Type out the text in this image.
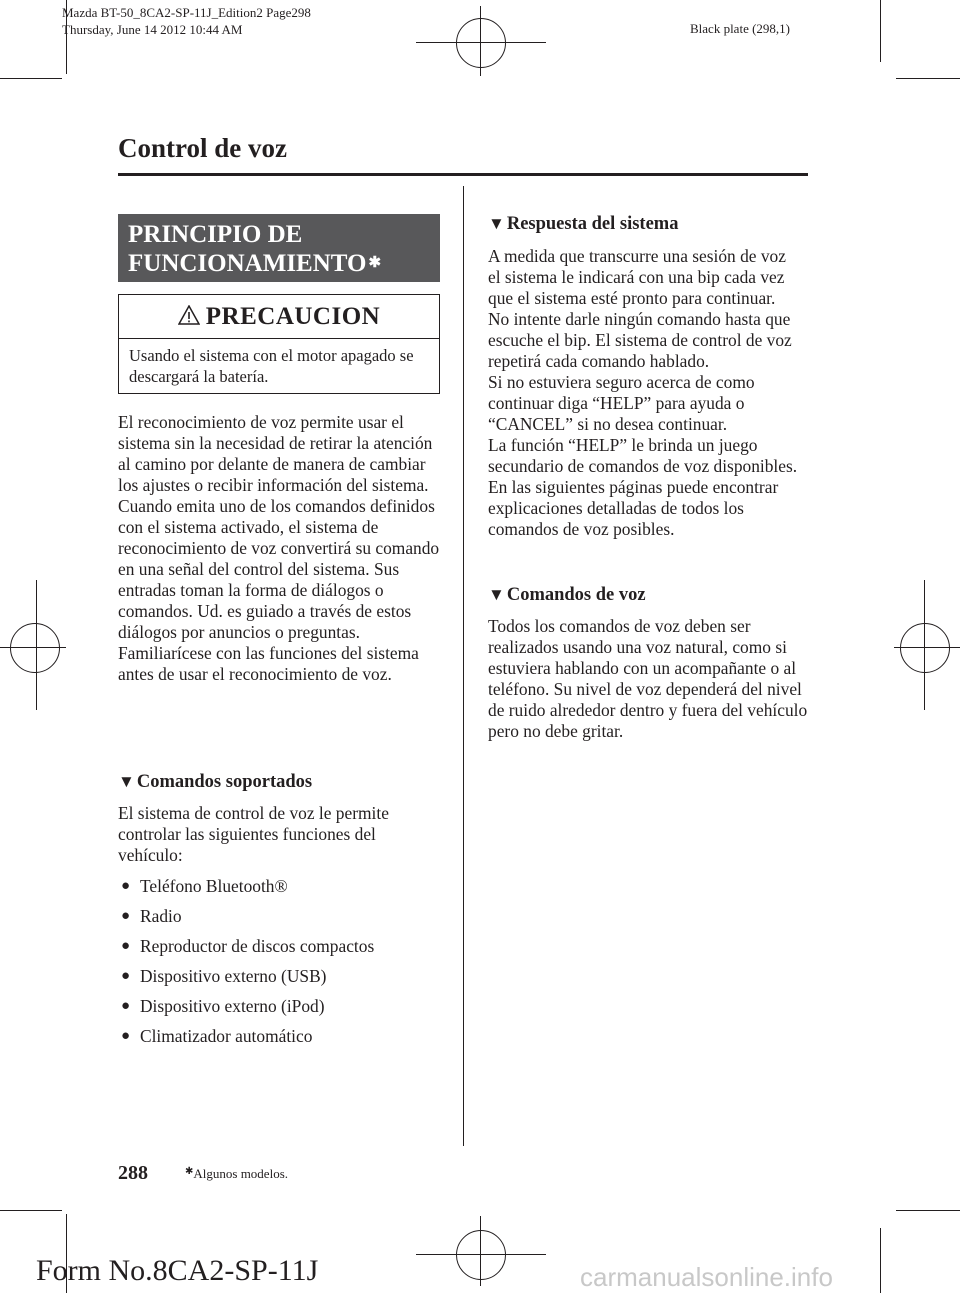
Mazda BT-50_8CA2-SP-11J_Edition2 Page298
Thursday, June 14 2012 10:44 AM	Black plate (298,1)
Control de voz
PRINCIPIO DE
FUNCIONAMIENTO ✱
PRECAUCION
Usando el sistema con el motor apagado se descargará la batería.

El reconocimiento de voz permite usar el sistema sin la necesidad de retirar la atención al camino por delante de manera de cambiar los ajustes o recibir información del sistema.

Cuando emita uno de los comandos definidos con el sistema activado, el sistema de reconocimiento de voz convertirá su comando en una señal del control del sistema. Sus entradas toman la forma de diálogos o comandos. Ud. es guiado a través de estos diálogos por anuncios o preguntas.

Familiarícese con las funciones del sistema antes de usar el reconocimiento de voz.

▼ Comandos soportados
El sistema de control de voz le permite controlar las siguientes funciones del vehículo:
● Teléfono Bluetooth®
● Radio
● Reproductor de discos compactos
● Dispositivo externo (USB)
● Dispositivo externo (iPod)
● Climatizador automático
▼ Respuesta del sistema

A medida que transcurre una sesión de voz el sistema le indicará con una bip cada vez que el sistema esté pronto para continuar.

No intente darle ningún comando hasta que escuche el bip. El sistema de control de voz repetirá cada comando hablado.

Si no estuviera seguro acerca de como continuar diga “HELP” para ayuda o “CANCEL” si no desea continuar.

La función “HELP” le brinda un juego secundario de comandos de voz disponibles. En las siguientes páginas puede encontrar explicaciones detalladas de todos los comandos de voz posibles.

▼ Comandos de voz
Todos los comandos de voz deben ser realizados usando una voz natural, como si estuviera hablando con un acompañante o al teléfono. Su nivel de voz dependerá del nivel de ruido alrededor dentro y fuera del vehículo pero no debe gritar.
288	✱Algunos modelos.
Form No.8CA2-SP-11J	carmanualsonline.info
